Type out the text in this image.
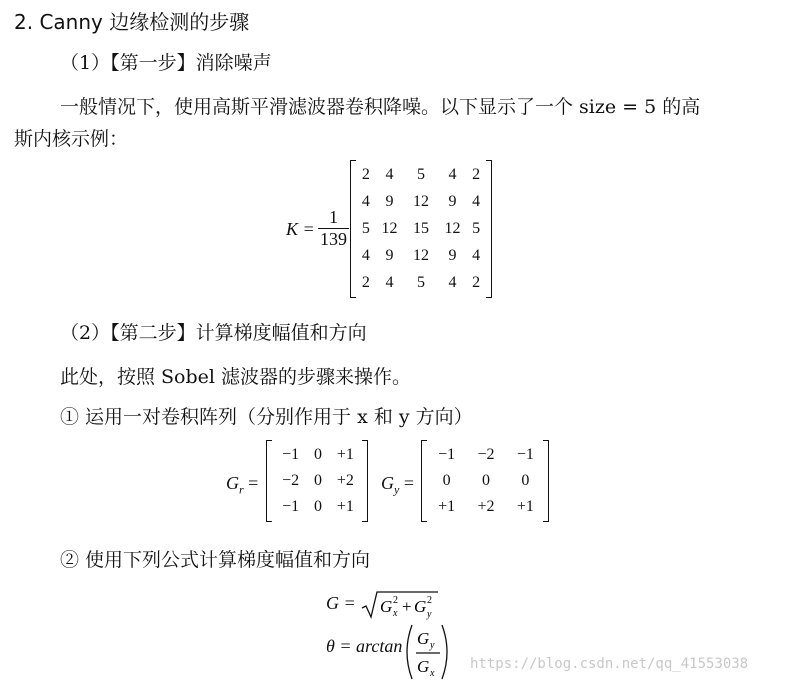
2. Canny 边缘检测的步骤
（1）【第一步】消除噪声
一般情况下，使用高斯平滑滤波器卷积降噪。以下显示了一个 size = 5 的高
斯内核示例：
$K = \frac{1}{139}$
2	4	5	4	2
4	9	12	9	4
5	12	15	12	5
4	9	12	9	4
2	4	5	4	2
（2）【第二步】计算梯度幅值和方向
此处，按照 Sobel 滤波器的步骤来操作。
① 运用一对卷积阵列（分别作用于 x 和 y 方向）
$G_r$ =
−1	0	+1
−2	0	+2
−1	0	+1
$G_y$ =
−1	−2	−1
0	0	0
+1	+2	+1
② 使用下列公式计算梯度幅值和方向
G = G x
2 + G y
2
θ = arctan G y
G x
https://blog.csdn.net/qq_41553038
